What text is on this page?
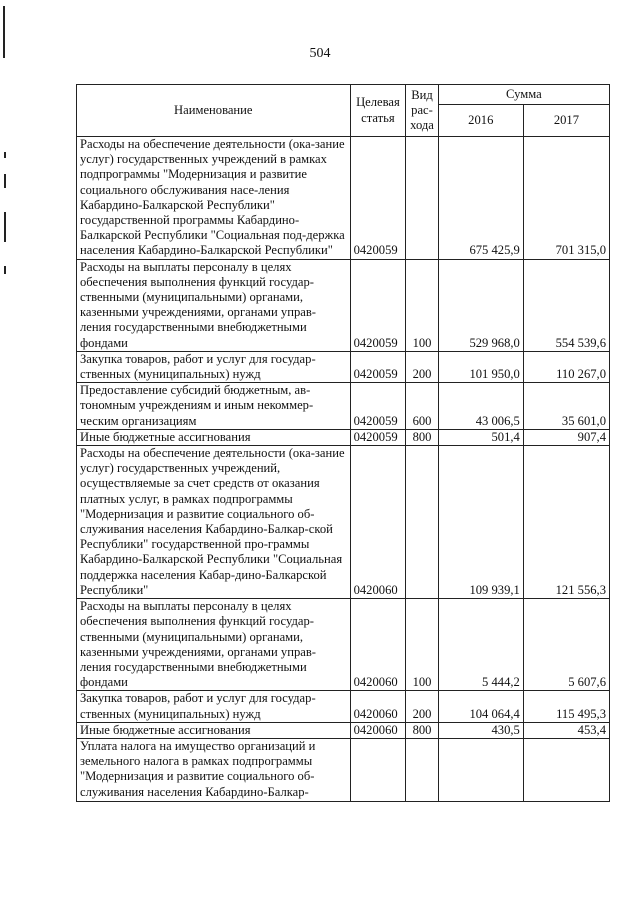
504
Наименование	Целевая статья	Вид рас-хода	Сумма	
			2016	2017
Расходы на обеспечение деятельности (ока-зание услуг) государственных учреждений в рамках подпрограммы "Модернизация и развитие социального обслуживания насе-ления Кабардино-Балкарской Республики" государственной программы Кабардино-Балкарской Республики "Социальная под-держка населения Кабардино-Балкарской Республики"	0420059		675 425,9	701 315,0
Расходы на выплаты персоналу в целях обеспечения выполнения функций государ-ственными (муниципальными) органами, казенными учреждениями, органами управ-ления государственными внебюджетными фондами	0420059	100	529 968,0	554 539,6
Закупка товаров, работ и услуг для государ-ственных (муниципальных) нужд	0420059	200	101 950,0	110 267,0
Предоставление субсидий бюджетным, ав-тономным учреждениям и иным некоммер-ческим организациям	0420059	600	43 006,5	35 601,0
Иные бюджетные ассигнования	0420059	800	501,4	907,4
Расходы на обеспечение деятельности (ока-зание услуг) государственных учреждений, осуществляемые за счет средств от оказания платных услуг, в рамках подпрограммы "Модернизация и развитие социального об-служивания населения Кабардино-Балкар-ской Республики" государственной про-граммы Кабардино-Балкарской Республики "Социальная поддержка населения Кабар-дино-Балкарской Республики"	0420060		109 939,1	121 556,3
Расходы на выплаты персоналу в целях обеспечения выполнения функций государ-ственными (муниципальными) органами, казенными учреждениями, органами управ-ления государственными внебюджетными фондами	0420060	100	5 444,2	5 607,6
Закупка товаров, работ и услуг для государ-ственных (муниципальных) нужд	0420060	200	104 064,4	115 495,3
Иные бюджетные ассигнования	0420060	800	430,5	453,4
Уплата налога на имущество организаций и земельного налога в рамках подпрограммы "Модернизация и развитие социального об-служивания населения Кабардино-Балкар-				
